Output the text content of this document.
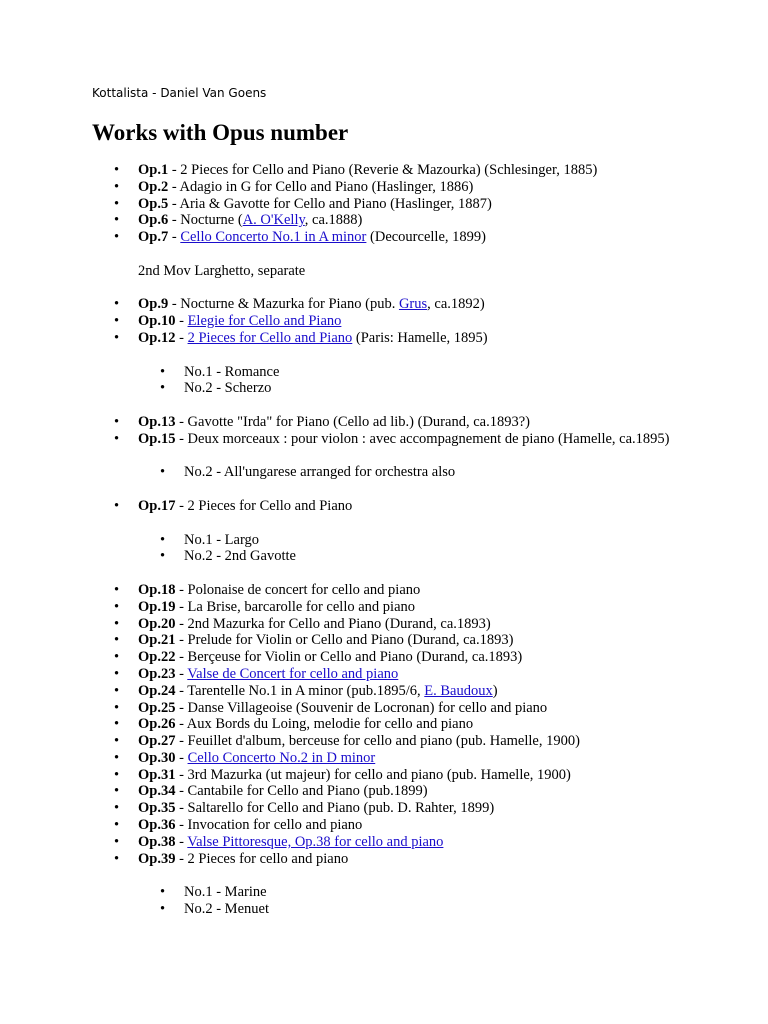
Kottalista - Daniel Van Goens
Works with Opus number
• Op.1 - 2 Pieces for Cello and Piano (Reverie & Mazourka) (Schlesinger, 1885)
• Op.2 - Adagio in G for Cello and Piano (Haslinger, 1886)
• Op.5 - Aria & Gavotte for Cello and Piano (Haslinger, 1887)
• Op.6 - Nocturne (A. O'Kelly, ca.1888)
• Op.7 - Cello Concerto No.1 in A minor (Decourcelle, 1899)
2nd Mov Larghetto, separate
• Op.9 - Nocturne & Mazurka for Piano (pub. Grus, ca.1892)
• Op.10 - Elegie for Cello and Piano
• Op.12 - 2 Pieces for Cello and Piano (Paris: Hamelle, 1895)
• No.1 - Romance
• No.2 - Scherzo
• Op.13 - Gavotte "Irda" for Piano (Cello ad lib.) (Durand, ca.1893?)
• Op.15 - Deux morceaux : pour violon : avec accompagnement de piano (Hamelle, ca.1895)
• No.2 - All'ungarese arranged for orchestra also
• Op.17 - 2 Pieces for Cello and Piano
• No.1 - Largo
• No.2 - 2nd Gavotte
• Op.18 - Polonaise de concert for cello and piano
• Op.19 - La Brise, barcarolle for cello and piano
• Op.20 - 2nd Mazurka for Cello and Piano (Durand, ca.1893)
• Op.21 - Prelude for Violin or Cello and Piano (Durand, ca.1893)
• Op.22 - Berçeuse for Violin or Cello and Piano (Durand, ca.1893)
• Op.23 - Valse de Concert for cello and piano
• Op.24 - Tarentelle No.1 in A minor (pub.1895/6, E. Baudoux)
• Op.25 - Danse Villageoise (Souvenir de Locronan) for cello and piano
• Op.26 - Aux Bords du Loing, melodie for cello and piano
• Op.27 - Feuillet d'album, berceuse for cello and piano (pub. Hamelle, 1900)
• Op.30 - Cello Concerto No.2 in D minor
• Op.31 - 3rd Mazurka (ut majeur) for cello and piano (pub. Hamelle, 1900)
• Op.34 - Cantabile for Cello and Piano (pub.1899)
• Op.35 - Saltarello for Cello and Piano (pub. D. Rahter, 1899)
• Op.36 - Invocation for cello and piano
• Op.38 - Valse Pittoresque, Op.38 for cello and piano
• Op.39 - 2 Pieces for cello and piano
• No.1 - Marine
• No.2 - Menuet
